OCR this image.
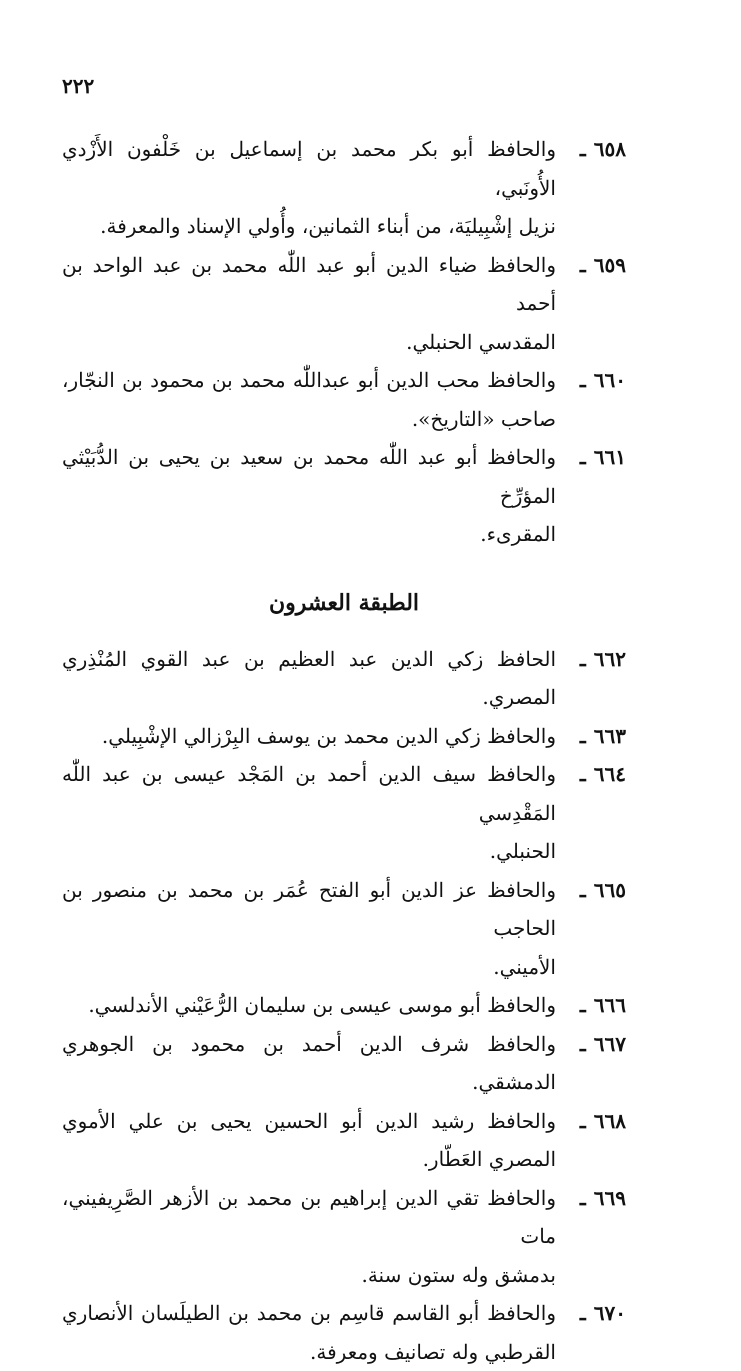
٢٢٢
٦٥٨ـ
والحافظ أبو بكر محمد بن إسماعيل بن خَلْفون الأَزْدي الأُونَبي،
نزيل إشْبِيليَة، من أبناء الثمانين، وأُولي الإسناد والمعرفة.
٦٥٩ـ
والحافظ ضياء الدين أبو عبد اللّٰه محمد بن عبد الواحد بن أحمد
المقدسي الحنبلي.
٦٦٠ـ
والحافظ محب الدين أبو عبداللّٰه محمد بن محمود بن النجّار،
صاحب «التاريخ».
٦٦١ـ
والحافظ أبو عبد اللّٰه محمد بن سعيد بن يحيى بن الدُّبَيْثي المؤرِّخ
المقرىء.
الطبقة العشرون
٦٦٢ـ
الحافظ زكي الدين عبد العظيم بن عبد القوي المُنْذِري المصري.
٦٦٣ـ
والحافظ زكي الدين محمد بن يوسف البِرْزالي الإشْبِيلي.
٦٦٤ـ
والحافظ سيف الدين أحمد بن المَجْد عيسى بن عبد اللّٰه المَقْدِسي
الحنبلي.
٦٦٥ـ
والحافظ عز الدين أبو الفتح عُمَر بن محمد بن منصور بن الحاجب
الأميني.
٦٦٦ـ
والحافظ أبو موسى عيسى بن سليمان الرُّعَيْني الأندلسي.
٦٦٧ـ
والحافظ شرف الدين أحمد بن محمود بن الجوهري الدمشقي.
٦٦٨ـ
والحافظ رشيد الدين أبو الحسين يحيى بن علي الأموي
المصري العَطّار.
٦٦٩ـ
والحافظ تقي الدين إبراهيم بن محمد بن الأزهر الصَّرِيفيني، مات
بدمشق وله ستون سنة.
٦٧٠ـ
والحافظ أبو القاسم قاسِم بن محمد بن الطيلَسان الأنصاري
القرطبي وله تصانيف ومعرفة.
